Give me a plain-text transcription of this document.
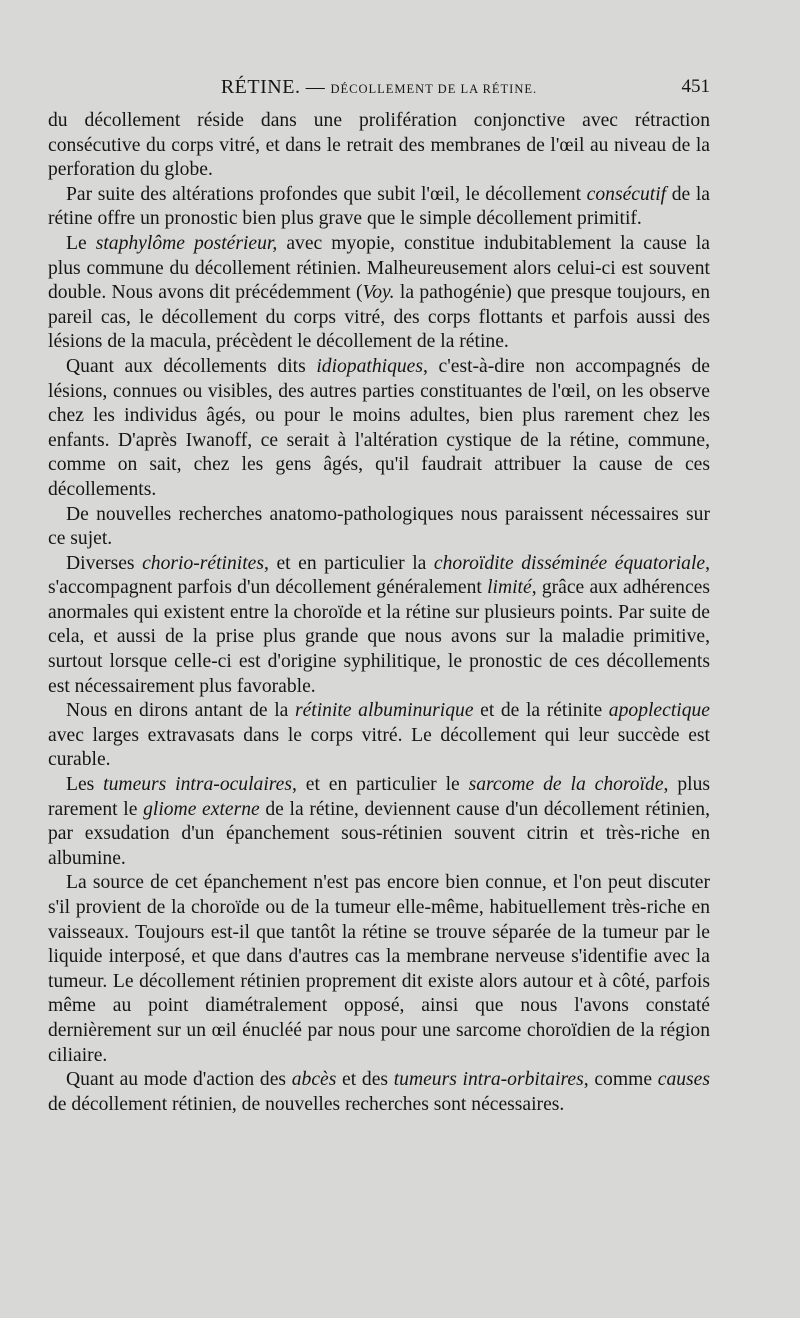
RÉTINE. — DÉCOLLEMENT DE LA RÉTINE.	451

du décollement réside dans une prolifération conjonctive avec rétraction consécutive du corps vitré, et dans le retrait des membranes de l'œil au niveau de la perforation du globe.

Par suite des altérations profondes que subit l'œil, le décollement consécutif de la rétine offre un pronostic bien plus grave que le simple décollement primitif.

Le staphylôme postérieur, avec myopie, constitue indubitablement la cause la plus commune du décollement rétinien. Malheureusement alors celui-ci est souvent double. Nous avons dit précédemment (Voy. la pathogénie) que presque toujours, en pareil cas, le décollement du corps vitré, des corps flottants et parfois aussi des lésions de la macula, précèdent le décollement de la rétine.

Quant aux décollements dits idiopathiques, c'est-à-dire non accompagnés de lésions, connues ou visibles, des autres parties constituantes de l'œil, on les observe chez les individus âgés, ou pour le moins adultes, bien plus rarement chez les enfants. D'après Iwanoff, ce serait à l'altération cystique de la rétine, commune, comme on sait, chez les gens âgés, qu'il faudrait attribuer la cause de ces décollements.

De nouvelles recherches anatomo-pathologiques nous paraissent nécessaires sur ce sujet.

Diverses chorio-rétinites, et en particulier la choroïdite disséminée équatoriale, s'accompagnent parfois d'un décollement généralement limité, grâce aux adhérences anormales qui existent entre la choroïde et la rétine sur plusieurs points. Par suite de cela, et aussi de la prise plus grande que nous avons sur la maladie primitive, surtout lorsque celle-ci est d'origine syphilitique, le pronostic de ces décollements est nécessairement plus favorable.

Nous en dirons antant de la rétinite albuminurique et de la rétinite apoplectique avec larges extravasats dans le corps vitré. Le décollement qui leur succède est curable.

Les tumeurs intra-oculaires, et en particulier le sarcome de la choroïde, plus rarement le gliome externe de la rétine, deviennent cause d'un décollement rétinien, par exsudation d'un épanchement sous-rétinien souvent citrin et très-riche en albumine.

La source de cet épanchement n'est pas encore bien connue, et l'on peut discuter s'il provient de la choroïde ou de la tumeur elle-même, habituellement très-riche en vaisseaux. Toujours est-il que tantôt la rétine se trouve séparée de la tumeur par le liquide interposé, et que dans d'autres cas la membrane nerveuse s'identifie avec la tumeur. Le décollement rétinien proprement dit existe alors autour et à côté, parfois même au point diamétralement opposé, ainsi que nous l'avons constaté dernièrement sur un œil énucléé par nous pour une sarcome choroïdien de la région ciliaire.

Quant au mode d'action des abcès et des tumeurs intra-orbitaires, comme causes de décollement rétinien, de nouvelles recherches sont nécessaires.
